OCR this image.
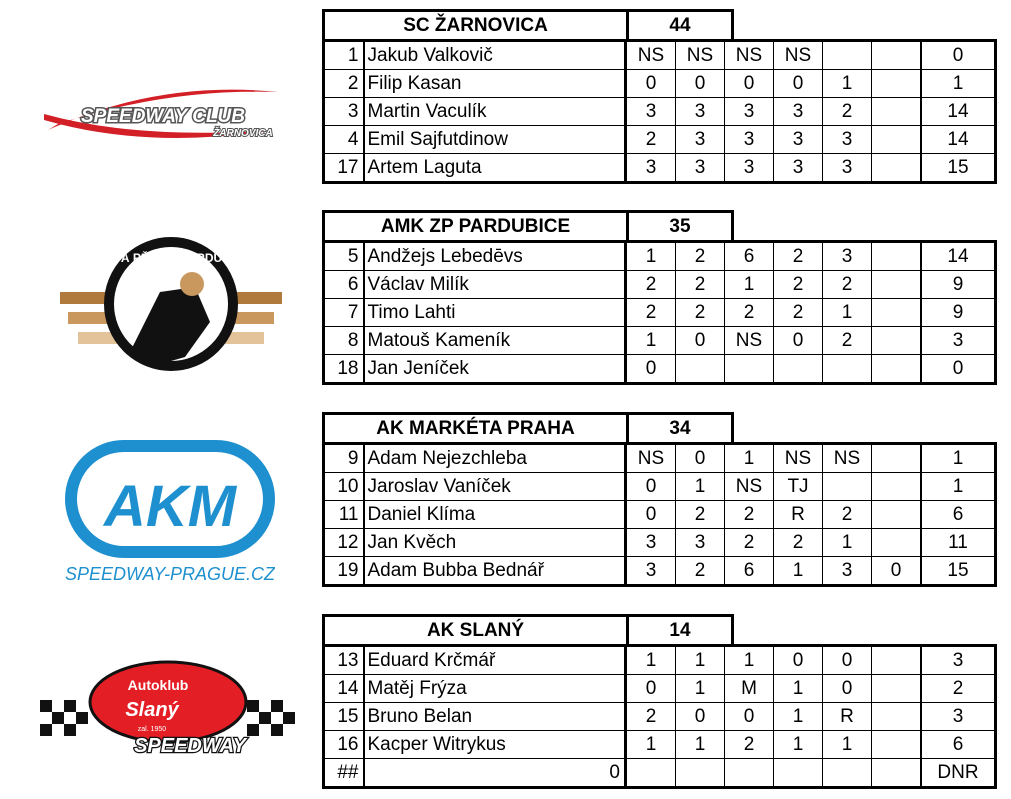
SPEEDWAY CLUB
ŽARNOVICA
ZLATÁ PŘILBA PARDUBICE
AKM
SPEEDWAY-PRAGUE.CZ
Autoklub
Slaný
zal. 1950
SPEEDWAY
SC ŽARNOVICA	44
1	Jakub Valkovič	NS	NS	NS	NS			0
2	Filip Kasan	0	0	0	0	1		1
3	Martin Vaculík	3	3	3	3	2		14
4	Emil Sajfutdinow	2	3	3	3	3		14
17	Artem Laguta	3	3	3	3	3		15
AMK ZP PARDUBICE	35
5	Andžejs Lebedēvs	1	2	6	2	3		14
6	Václav Milík	2	2	1	2	2		9
7	Timo Lahti	2	2	2	2	1		9
8	Matouš Kameník	1	0	NS	0	2		3
18	Jan Jeníček	0						0
AK MARKÉTA PRAHA	34
9	Adam Nejezchleba	NS	0	1	NS	NS		1
10	Jaroslav Vaníček	0	1	NS	TJ			1
11	Daniel Klíma	0	2	2	R	2		6
12	Jan Kvěch	3	3	2	2	1		11
19	Adam Bubba Bednář	3	2	6	1	3	0	15
AK SLANÝ	14
13	Eduard Krčmář	1	1	1	0	0		3
14	Matěj Frýza	0	1	M	1	0		2
15	Bruno Belan	2	0	0	1	R		3
16	Kacper Witrykus	1	1	2	1	1		6
##	0							DNR
